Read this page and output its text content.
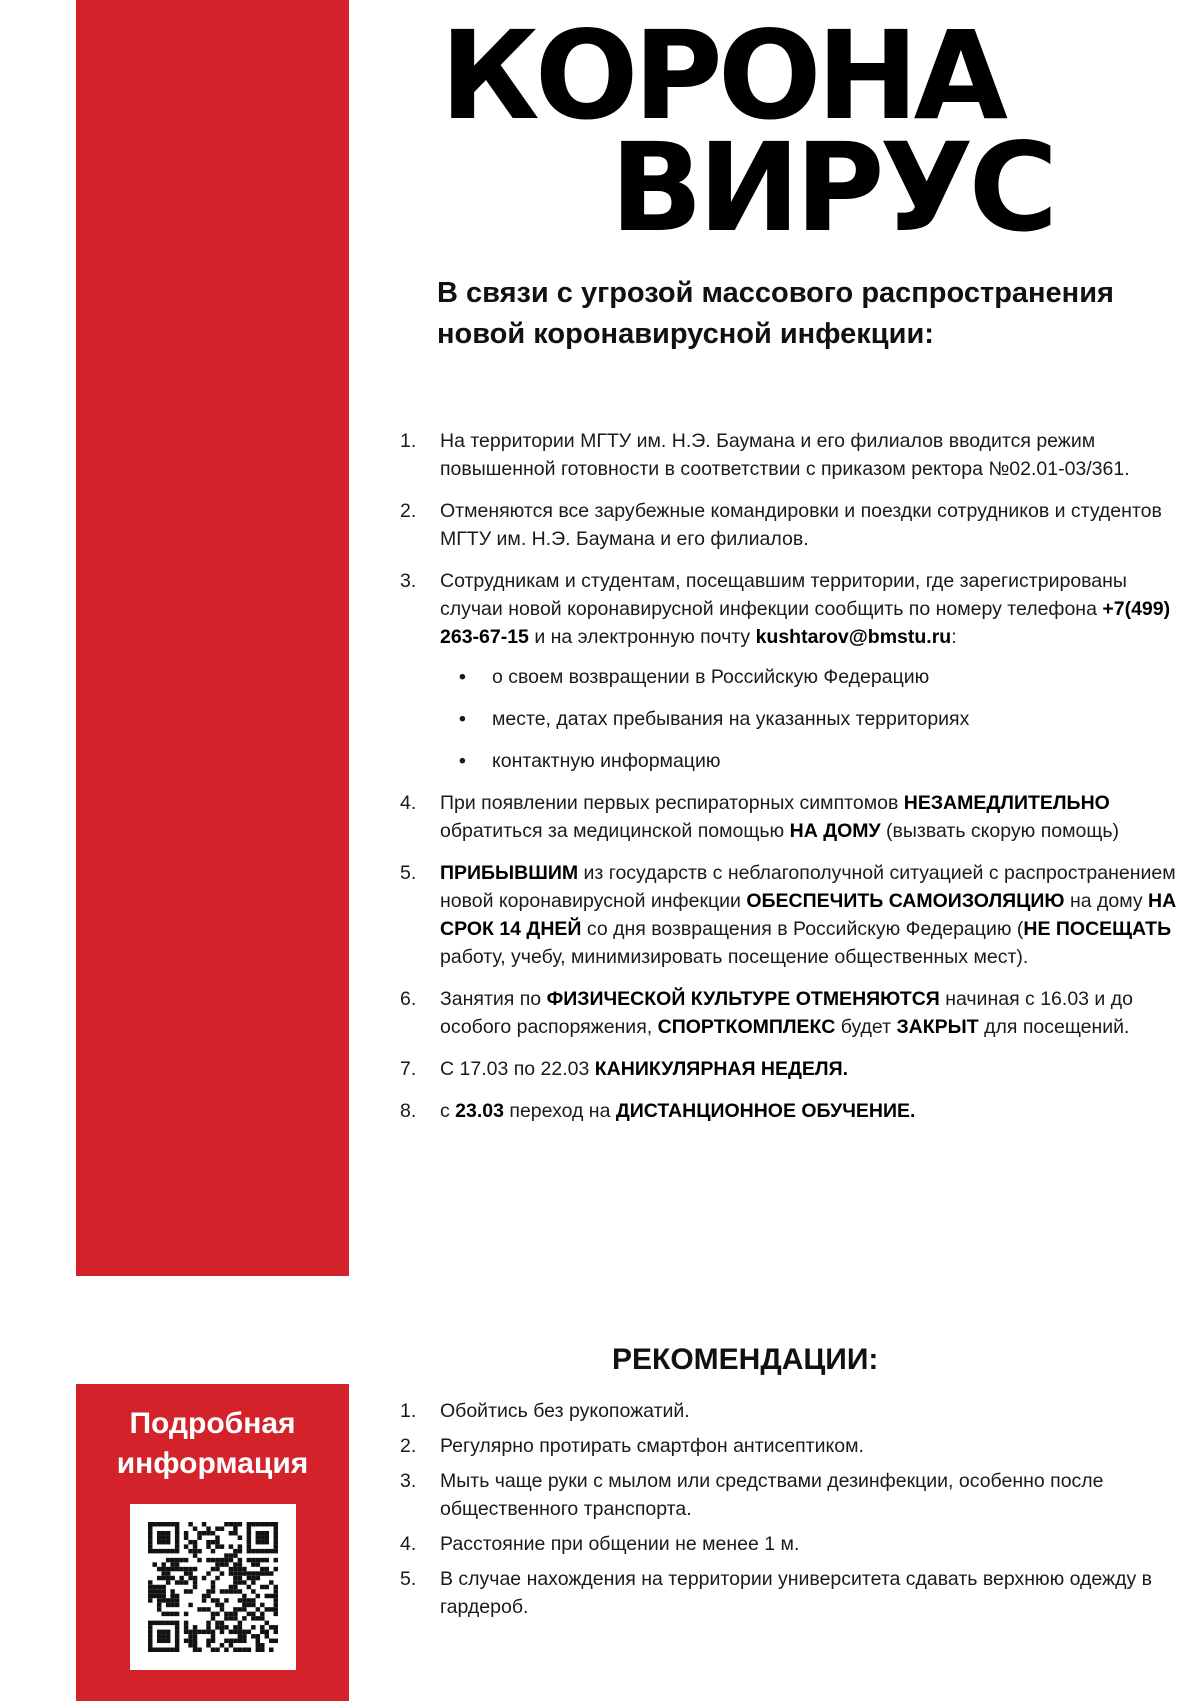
КОРОНА
ВИРУС
В связи с угрозой массового распространения новой коронавирусной инфекции:
1. На территории МГТУ им. Н.Э. Баумана и его филиалов вводится режим повышенной готовности в соответствии с приказом ректора №02.01-03/361.
2. Отменяются все зарубежные командировки и поездки сотрудников и студентов МГТУ им. Н.Э. Баумана и его филиалов.
3. Сотрудникам и студентам, посещавшим территории, где зарегистрированы случаи новой коронавирусной инфекции сообщить по номеру телефона +7(499) 263-67-15 и на электронную почту kushtarov@bmstu.ru:
• о своем возвращении в Российскую Федерацию
• месте, датах пребывания на указанных территориях
• контактную информацию
4. При появлении первых респираторных симптомов НЕЗАМЕДЛИТЕЛЬНО обратиться за медицинской помощью НА ДОМУ (вызвать скорую помощь)
5. ПРИБЫВШИМ из государств с неблагополучной ситуацией с распространением новой коронавирусной инфекции ОБЕСПЕЧИТЬ САМОИЗОЛЯЦИЮ на дому НА СРОК 14 ДНЕЙ со дня возвращения в Российскую Федерацию (НЕ ПОСЕЩАТЬ работу, учебу, минимизировать посещение общественных мест).
6. Занятия по ФИЗИЧЕСКОЙ КУЛЬТУРЕ ОТМЕНЯЮТСЯ начиная с 16.03 и до особого распоряжения, СПОРТКОМПЛЕКС будет ЗАКРЫТ для посещений.
7. С 17.03 по 22.03 КАНИКУЛЯРНАЯ НЕДЕЛЯ.
8. с 23.03 переход на ДИСТАНЦИОННОЕ ОБУЧЕНИЕ.
РЕКОМЕНДАЦИИ:
1. Обойтись без рукопожатий.
2. Регулярно протирать смартфон антисептиком.
3. Мыть чаще руки с мылом или средствами дезинфекции, особенно после общественного транспорта.
4. Расстояние при общении не менее 1 м.
5. В случае нахождения на территории университета сдавать верхнюю одежду в гардероб.
Подробная
информация
